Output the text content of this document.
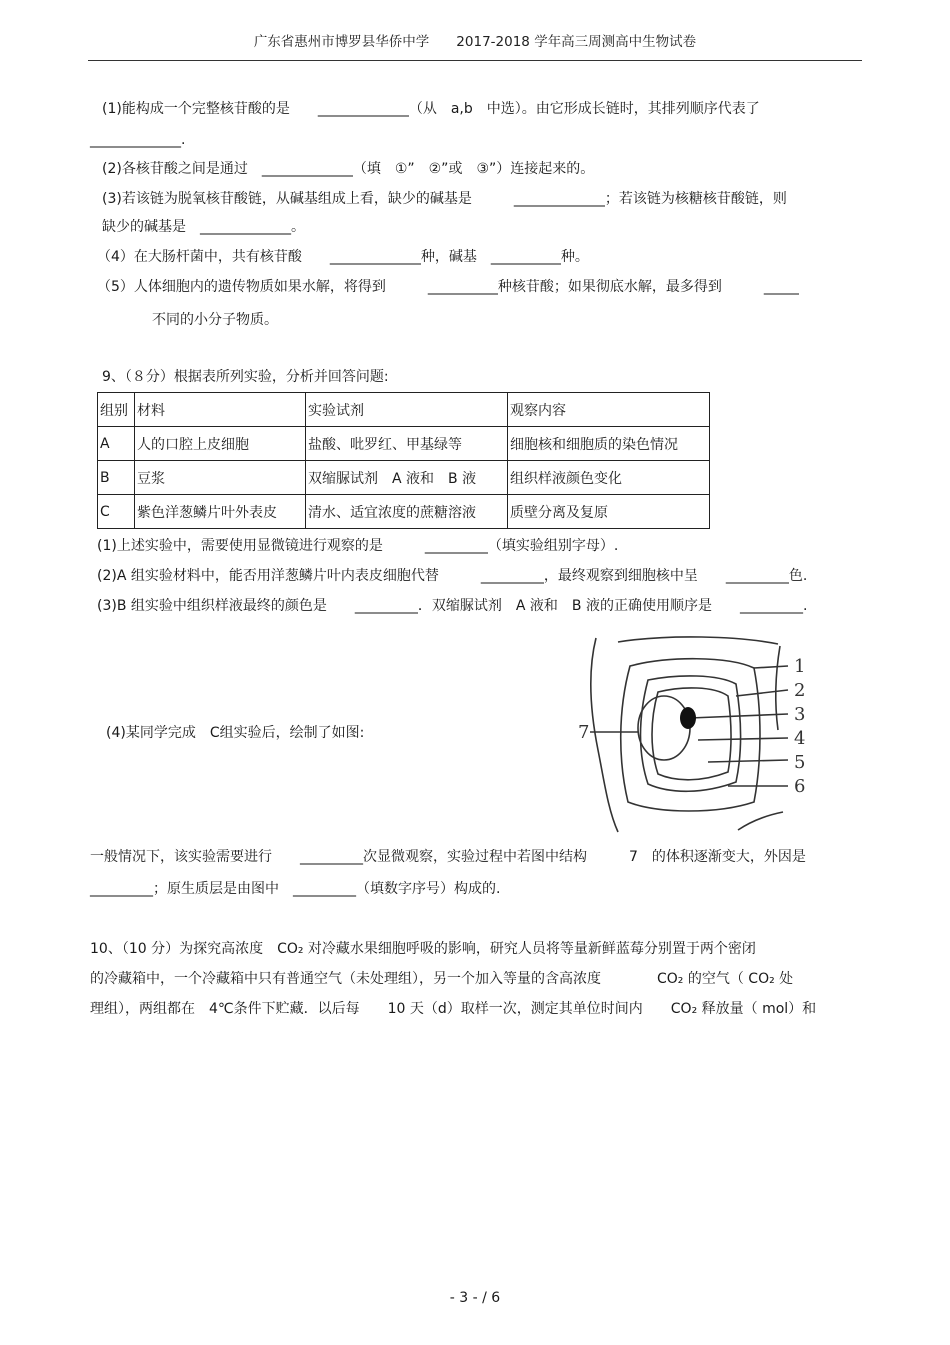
广东省惠州市博罗县华侨中学　　2017-2018 学年高三周测高中生物试卷
(1)能构成一个完整核苷酸的是　　_____________（从　a,b　中选）。由它形成长链时，其排列顺序代表了
_____________.
(2)各核苷酸之间是通过　_____________（填　①”　②”或　③”）连接起来的。
(3)若该链为脱氧核苷酸链，从碱基组成上看，缺少的碱基是　　　_____________；若该链为核糖核苷酸链，则
缺少的碱基是　_____________。
（4）在大肠杆菌中，共有核苷酸　　_____________种，碱基　__________种。
（5）人体细胞内的遗传物质如果水解，将得到　　　__________种核苷酸；如果彻底水解，最多得到　　　_____
不同的小分子物质。
9、（８分）根据表所列实验，分析并回答问题:
组别	材料	实验试剂	观察内容
A	人的口腔上皮细胞	盐酸、吡罗红、甲基绿等	细胞核和细胞质的染色情况
B	豆浆	双缩脲试剂　A 液和　B 液	组织样液颜色变化
C	紫色洋葱鳞片叶外表皮	清水、适宜浓度的蔗糖溶液	质壁分离及复原
(1)上述实验中，需要使用显微镜进行观察的是　　　_________（填实验组别字母）.
(2)A 组实验材料中，能否用洋葱鳞片叶内表皮细胞代替　　　_________，最终观察到细胞核中呈　　_________色.
(3)B 组实验中组织样液最终的颜色是　　_________．双缩脲试剂　A 液和　B 液的正确使用顺序是　　_________.
(4)某同学完成　C组实验后，绘制了如图:
1
2
3
4
5
6
7
一般情况下，该实验需要进行　　_________次显微观察，实验过程中若图中结构　　　7　的体积逐渐变大，外因是
_________；原生质层是由图中　_________（填数字序号）构成的.
10、（10 分）为探究高浓度　CO₂ 对冷藏水果细胞呼吸的影响，研究人员将等量新鲜蓝莓分别置于两个密闭
的冷藏箱中，一个冷藏箱中只有普通空气（未处理组），另一个加入等量的含高浓度　　　　CO₂ 的空气（ CO₂ 处
理组），两组都在　4℃条件下贮藏．以后每　　10 天（d）取样一次，测定其单位时间内　　CO₂ 释放量（ mol）和
- 3 - / 6
